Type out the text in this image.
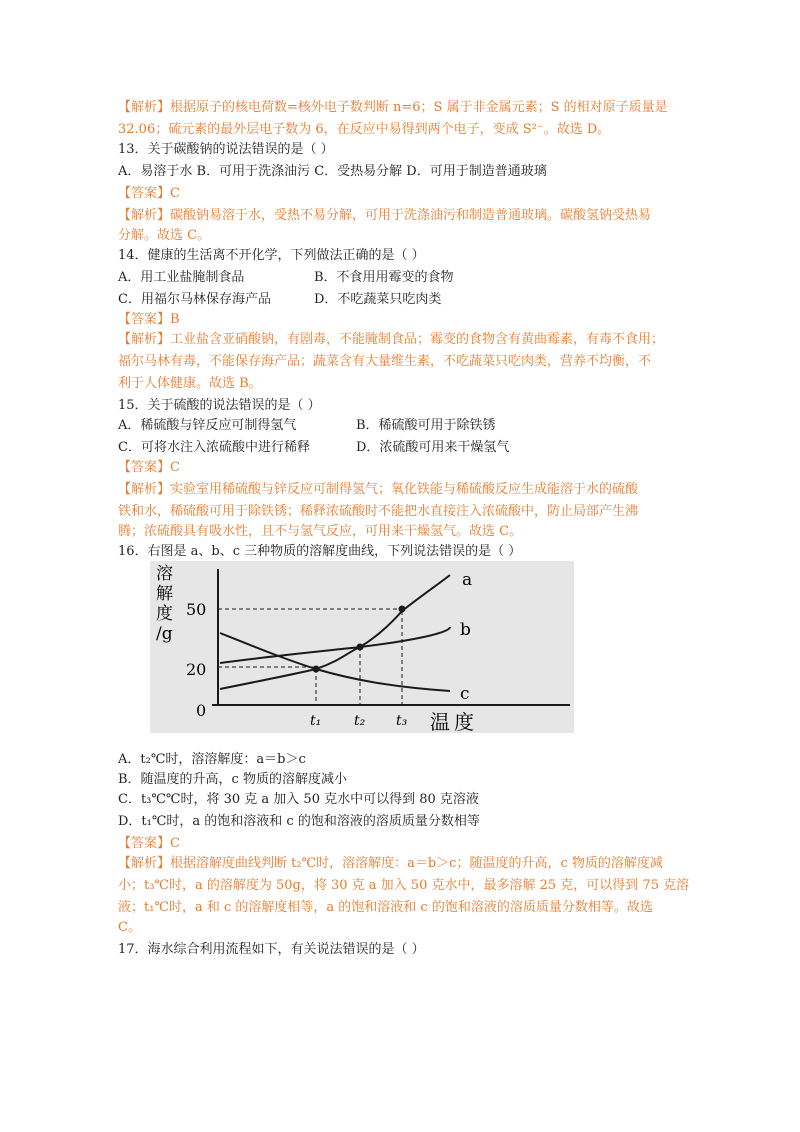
【解析】根据原子的核电荷数=核外电子数判断 n=6；S 属于非金属元素；S 的相对原子质量是
32.06；硫元素的最外层电子数为 6，在反应中易得到两个电子，变成 S²⁻。故选 D。
13．关于碳酸钠的说法错误的是（ ）
A．易溶于水 B．可用于洗涤油污 C．受热易分解 D．可用于制造普通玻璃
【答案】C
【解析】碳酸钠易溶于水，受热不易分解，可用于洗涤油污和制造普通玻璃。碳酸氢钠受热易
分解。故选 C。
14．健康的生活离不开化学，下列做法正确的是（ ）
A．用工业盐腌制食品	B．不食用用霉变的食物
C．用福尔马林保存海产品	D．不吃蔬菜只吃肉类
【答案】B
【解析】工业盐含亚硝酸钠，有剧毒，不能腌制食品；霉变的食物含有黄曲霉素，有毒不食用；
福尔马林有毒，不能保存海产品；蔬菜含有大量维生素，不吃蔬菜只吃肉类，营养不均衡，不
利于人体健康。故选 B。
15．关于硫酸的说法错误的是（ ）
A．稀硫酸与锌反应可制得氢气	B．稀硫酸可用于除铁锈
C．可将水注入浓硫酸中进行稀释	D．浓硫酸可用来干燥氢气
【答案】C
【解析】实验室用稀硫酸与锌反应可制得氢气；氧化铁能与稀硫酸反应生成能溶于水的硫酸
铁和水，稀硫酸可用于除铁锈；稀释浓硫酸时不能把水直接注入浓硫酸中，防止局部产生沸
腾；浓硫酸具有吸水性，且不与氢气反应，可用来干燥氢气。故选 C。
16．右图是 a、b、c 三种物质的溶解度曲线，下列说法错误的是（ ）
溶
解
度
/g
50
20
0
a
b
c
t₁ t₂ t₃ 温度
A．t₂℃时，溶溶解度：a＝b＞c
B．随温度的升高，c 物质的溶解度减小
C．t₃℃℃时，将 30 克 a 加入 50 克水中可以得到 80 克溶液
D．t₁℃时，a 的饱和溶液和 c 的饱和溶液的溶质质量分数相等
【答案】C
【解析】根据溶解度曲线判断 t₂℃时，溶溶解度：a＝b＞c；随温度的升高，c 物质的溶解度减
小；t₃℃时，a 的溶解度为 50g，将 30 克 a 加入 50 克水中，最多溶解 25 克，可以得到 75 克溶
液；t₁℃时，a 和 c 的溶解度相等，a 的饱和溶液和 c 的饱和溶液的溶质质量分数相等。故选
C。
17．海水综合利用流程如下，有关说法错误的是（ ）
